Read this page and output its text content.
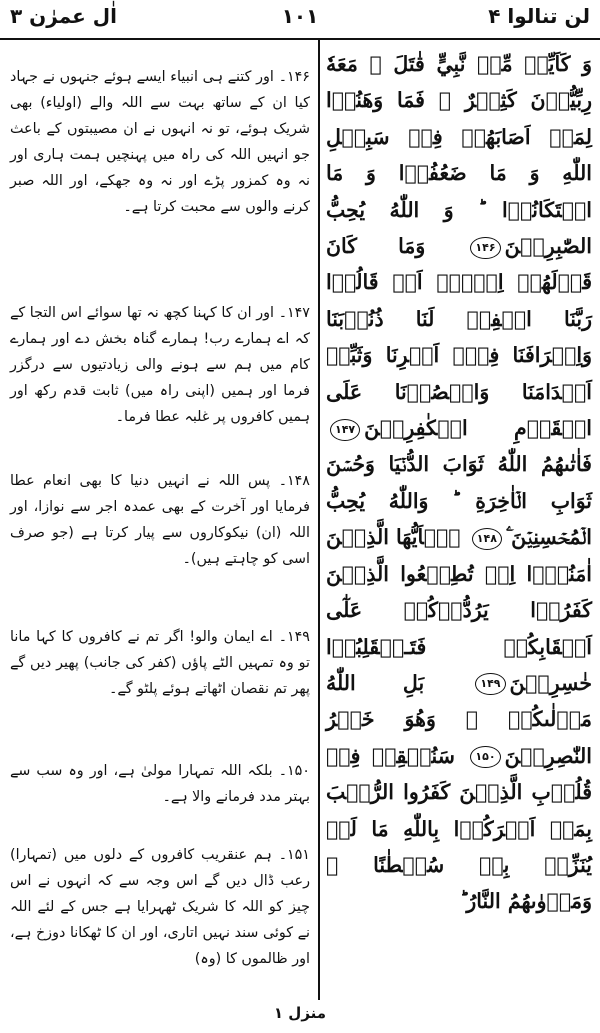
لن تنالوا ۴
۱۰۱
اٰل عمرٰن ۳

وَ كَاَيِّنۡ مِّنۡ نَّبِيٍّ قٰتَلَ ۙ مَعَهٗ رِبِّيُّوۡنَ كَثِيۡرٌ ۚ فَمَا وَهَنُوۡا لِمَاۤ اَصَابَهُمۡ فِىۡ سَبِيۡلِ اللّٰهِ وَ مَا ضَعُفُوۡا وَ مَا اسۡتَكَانُوۡا ؕ وَ اللّٰهُ يُحِبُّ الصّٰبِرِيۡنَ۱۴۶ وَمَا كَانَ قَوۡلَهُمۡ اِلَّاۤ اَنۡ قَالُوۡا رَبَّنَا اغۡفِرۡ لَنَا ذُنُوۡبَنَا وَاِسۡرَافَنَا فِىۡۤ اَمۡرِنَا وَثَبِّتۡ اَقۡدَامَنَا وَانۡصُرۡنَا عَلَى الۡقَوۡمِ الۡكٰفِرِيۡنَ۱۴۷ فَاٰتٰٮهُمُ اللّٰهُ ثَوَابَ الدُّنۡيَا وَحُسۡنَ ثَوَابِ الۡاٰخِرَةِ ؕ وَاللّٰهُ يُحِبُّ الۡمُحۡسِنِيۡنَ ۧ۱۴۸ يٰۤاَيُّهَا الَّذِيۡنَ اٰمَنُوۡۤا اِنۡ تُطِيۡعُوا الَّذِيۡنَ كَفَرُوۡا يَرُدُّوۡكُمۡ عَلٰٓى اَعۡقَابِكُمۡ فَتَـنۡقَلِبُوۡا خٰسِرِيۡنَ۱۴۹ بَلِ اللّٰهُ مَوۡلٰٮكُمۡ ۚ وَهُوَ خَيۡرُ النّٰصِرِيۡنَ۱۵۰ سَنُلۡقِىۡ فِىۡ قُلُوۡبِ الَّذِيۡنَ كَفَرُوا الرُّعۡبَ بِمَاۤ اَشۡرَكُوۡا بِاللّٰهِ مَا لَمۡ يُنَزِّلۡ بِهٖ سُلۡطٰنًا ۚ وَمَاۡوٰٮهُمُ النَّارُ ؕ

۱۴۶۔ اور کتنے ہی انبیاء ایسے ہوئے جنہوں نے جہاد کیا ان کے ساتھ بہت سے اللہ والے (اولیاء) بھی شریک ہوئے، تو نہ انہوں نے ان مصیبتوں کے باعث جو انہیں اللہ کی راہ میں پہنچیں ہمت ہاری اور نہ وہ کمزور پڑے اور نہ وہ جھکے، اور اللہ صبر کرنے والوں سے محبت کرتا ہے۔

۱۴۷۔ اور ان کا کہنا کچھ نہ تھا سوائے اس التجا کے کہ اے ہمارے رب! ہمارے گناہ بخش دے اور ہمارے کام میں ہم سے ہونے والی زیادتیوں سے درگزر فرما اور ہمیں (اپنی راہ میں) ثابت قدم رکھ اور ہمیں کافروں پر غلبہ عطا فرما۔

۱۴۸۔ پس اللہ نے انہیں دنیا کا بھی انعام عطا فرمایا اور آخرت کے بھی عمدہ اجر سے نوازا، اور اللہ (ان) نیکوکاروں سے پیار کرتا ہے (جو صرف اسی کو چاہتے ہیں)۔

۱۴۹۔ اے ایمان والو! اگر تم نے کافروں کا کہا مانا تو وہ تمہیں الٹے پاؤں (کفر کی جانب) پھیر دیں گے پھر تم نقصان اٹھاتے ہوئے پلٹو گے۔

۱۵۰۔ بلکہ اللہ تمہارا مولیٰ ہے، اور وہ سب سے بہتر مدد فرمانے والا ہے۔

۱۵۱۔ ہم عنقریب کافروں کے دلوں میں (تمہارا) رعب ڈال دیں گے اس وجہ سے کہ انہوں نے اس چیز کو اللہ کا شریک ٹھہرایا ہے جس کے لئے اللہ نے کوئی سند نہیں اتاری، اور ان کا ٹھکانا دوزخ ہے، اور ظالموں کا (وہ)

منزل ۱
